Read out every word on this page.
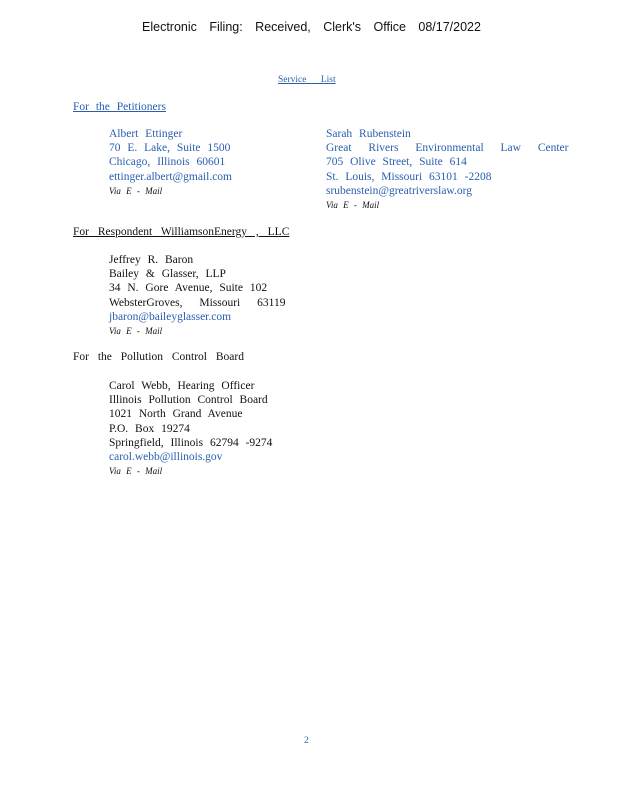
Electronic Filing: Received, Clerk's Office 08/17/2022
Service List
For the Petitioners
Albert Ettinger
70 E. Lake, Suite 1500
Chicago, Illinois 60601
ettinger.albert@gmail.com
Via E - Mail
Sarah Rubenstein
Great Rivers Environmental Law Center
705 Olive Street, Suite 614
St. Louis, Missouri 63101 -2208
srubenstein@greatriverslaw.org
Via E - Mail
For Respondent WilliamsonEnergy , LLC
Jeffrey R. Baron
Bailey & Glasser, LLP
34 N. Gore Avenue, Suite 102
WebsterGroves, Missouri 63119
jbaron@baileyglasser.com
Via E - Mail
For the Pollution Control Board
Carol Webb, Hearing Officer
Illinois Pollution Control Board
1021 North Grand Avenue
P.O. Box 19274
Springfield, Illinois 62794 -9274
carol.webb@illinois.gov
Via E - Mail
2
